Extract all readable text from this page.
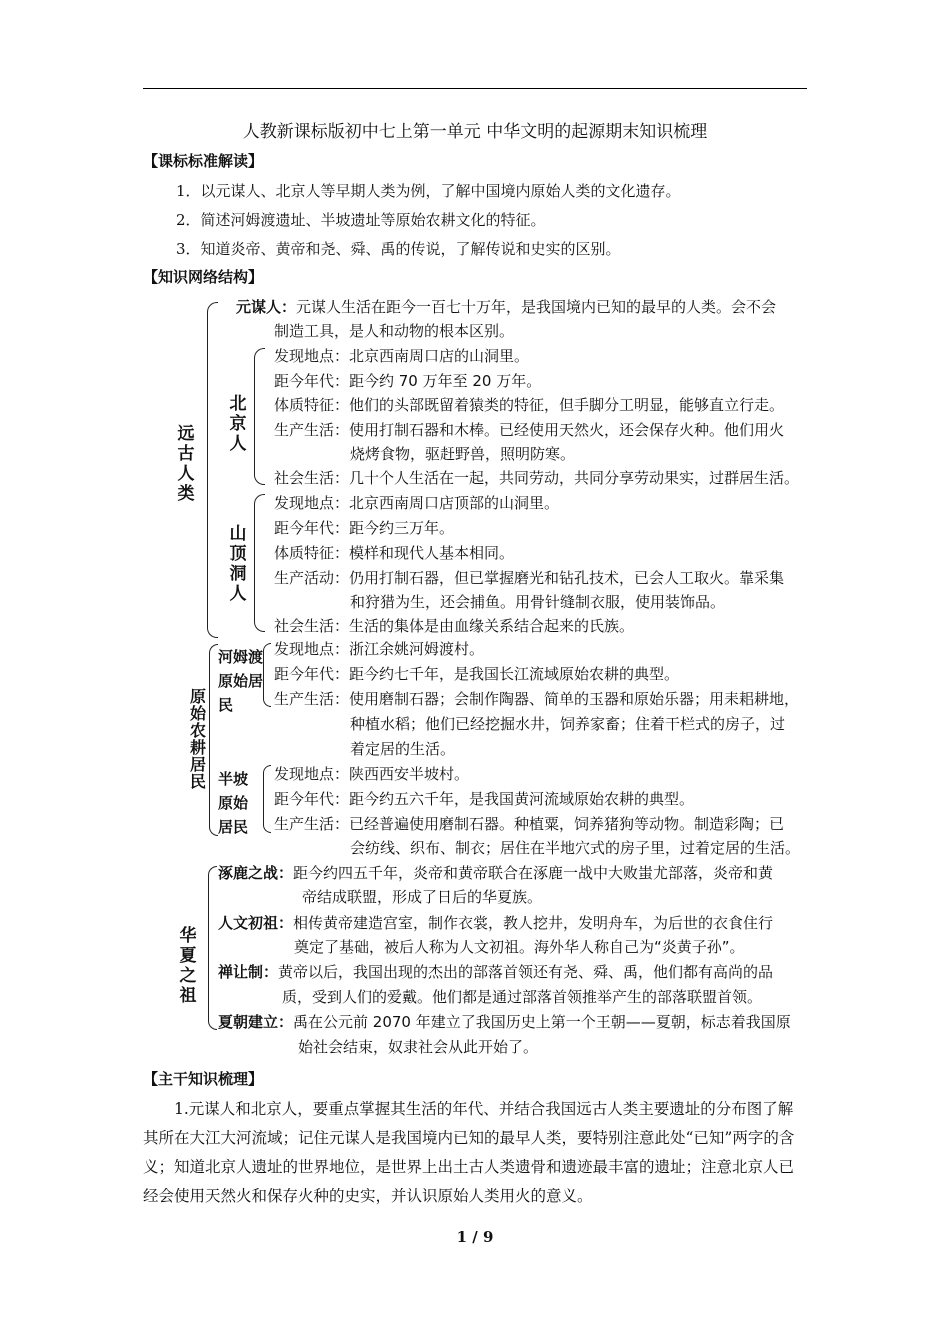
人教新课标版初中七上第一单元 中华文明的起源期末知识梳理
【课标标准解读】
1．以元谋人、北京人等早期人类为例，了解中国境内原始人类的文化遗存。
2．简述河姆渡遗址、半坡遗址等原始农耕文化的特征。
3．知道炎帝、黄帝和尧、舜、禹的传说，了解传说和史实的区别。
【知识网络结构】
远
古
人
类
元谋人：元谋人生活在距今一百七十万年，是我国境内已知的最早的人类。会不会
制造工具，是人和动物的根本区别。
北
京
人
发现地点：北京西南周口店的山洞里。
距今年代：距今约 70 万年至 20 万年。
体质特征：他们的头部既留着猿类的特征，但手脚分工明显，能够直立行走。
生产生活：使用打制石器和木棒。已经使用天然火，还会保存火种。他们用火
烧烤食物，驱赶野兽，照明防寒。
社会生活：几十个人生活在一起，共同劳动，共同分享劳动果实，过群居生活。
山
顶
洞
人
发现地点：北京西南周口店顶部的山洞里。
距今年代：距今约三万年。
体质特征：模样和现代人基本相同。
生产活动：仍用打制石器，但已掌握磨光和钻孔技术，已会人工取火。靠采集
和狩猎为生，还会捕鱼。用骨针缝制衣服，使用装饰品。
社会生活：生活的集体是由血缘关系结合起来的氏族。
原
始
农
耕
居
民
河姆渡
原始居
民
发现地点：浙江余姚河姆渡村。
距今年代：距今约七千年，是我国长江流域原始农耕的典型。
生产生活：使用磨制石器；会制作陶器、简单的玉器和原始乐器；用耒耜耕地，
种植水稻；他们已经挖掘水井，饲养家畜；住着干栏式的房子，过
着定居的生活。
半坡
原始
居民
发现地点：陕西西安半坡村。
距今年代：距今约五六千年，是我国黄河流域原始农耕的典型。
生产生活：已经普遍使用磨制石器。种植粟，饲养猪狗等动物。制造彩陶；已
会纺线、织布、制衣；居住在半地穴式的房子里，过着定居的生活。
华
夏
之
祖
涿鹿之战：距今约四五千年，炎帝和黄帝联合在涿鹿一战中大败蚩尤部落，炎帝和黄
帝结成联盟，形成了日后的华夏族。
人文初祖：相传黄帝建造宫室，制作衣裳，教人挖井，发明舟车，为后世的衣食住行
奠定了基础，被后人称为人文初祖。海外华人称自己为“炎黄子孙”。
禅让制：黄帝以后，我国出现的杰出的部落首领还有尧、舜、禹，他们都有高尚的品
质，受到人们的爱戴。他们都是通过部落首领推举产生的部落联盟首领。
夏朝建立：禹在公元前 2070 年建立了我国历史上第一个王朝——夏朝，标志着我国原
始社会结束，奴隶社会从此开始了。
【主干知识梳理】
1.元谋人和北京人，要重点掌握其生活的年代、并结合我国远古人类主要遗址的分布图了解其所在大江大河流域；记住元谋人是我国境内已知的最早人类，要特别注意此处“已知”两字的含义；知道北京人遗址的世界地位，是世界上出土古人类遗骨和遗迹最丰富的遗址；注意北京人已经会使用天然火和保存火种的史实，并认识原始人类用火的意义。
1 / 9
